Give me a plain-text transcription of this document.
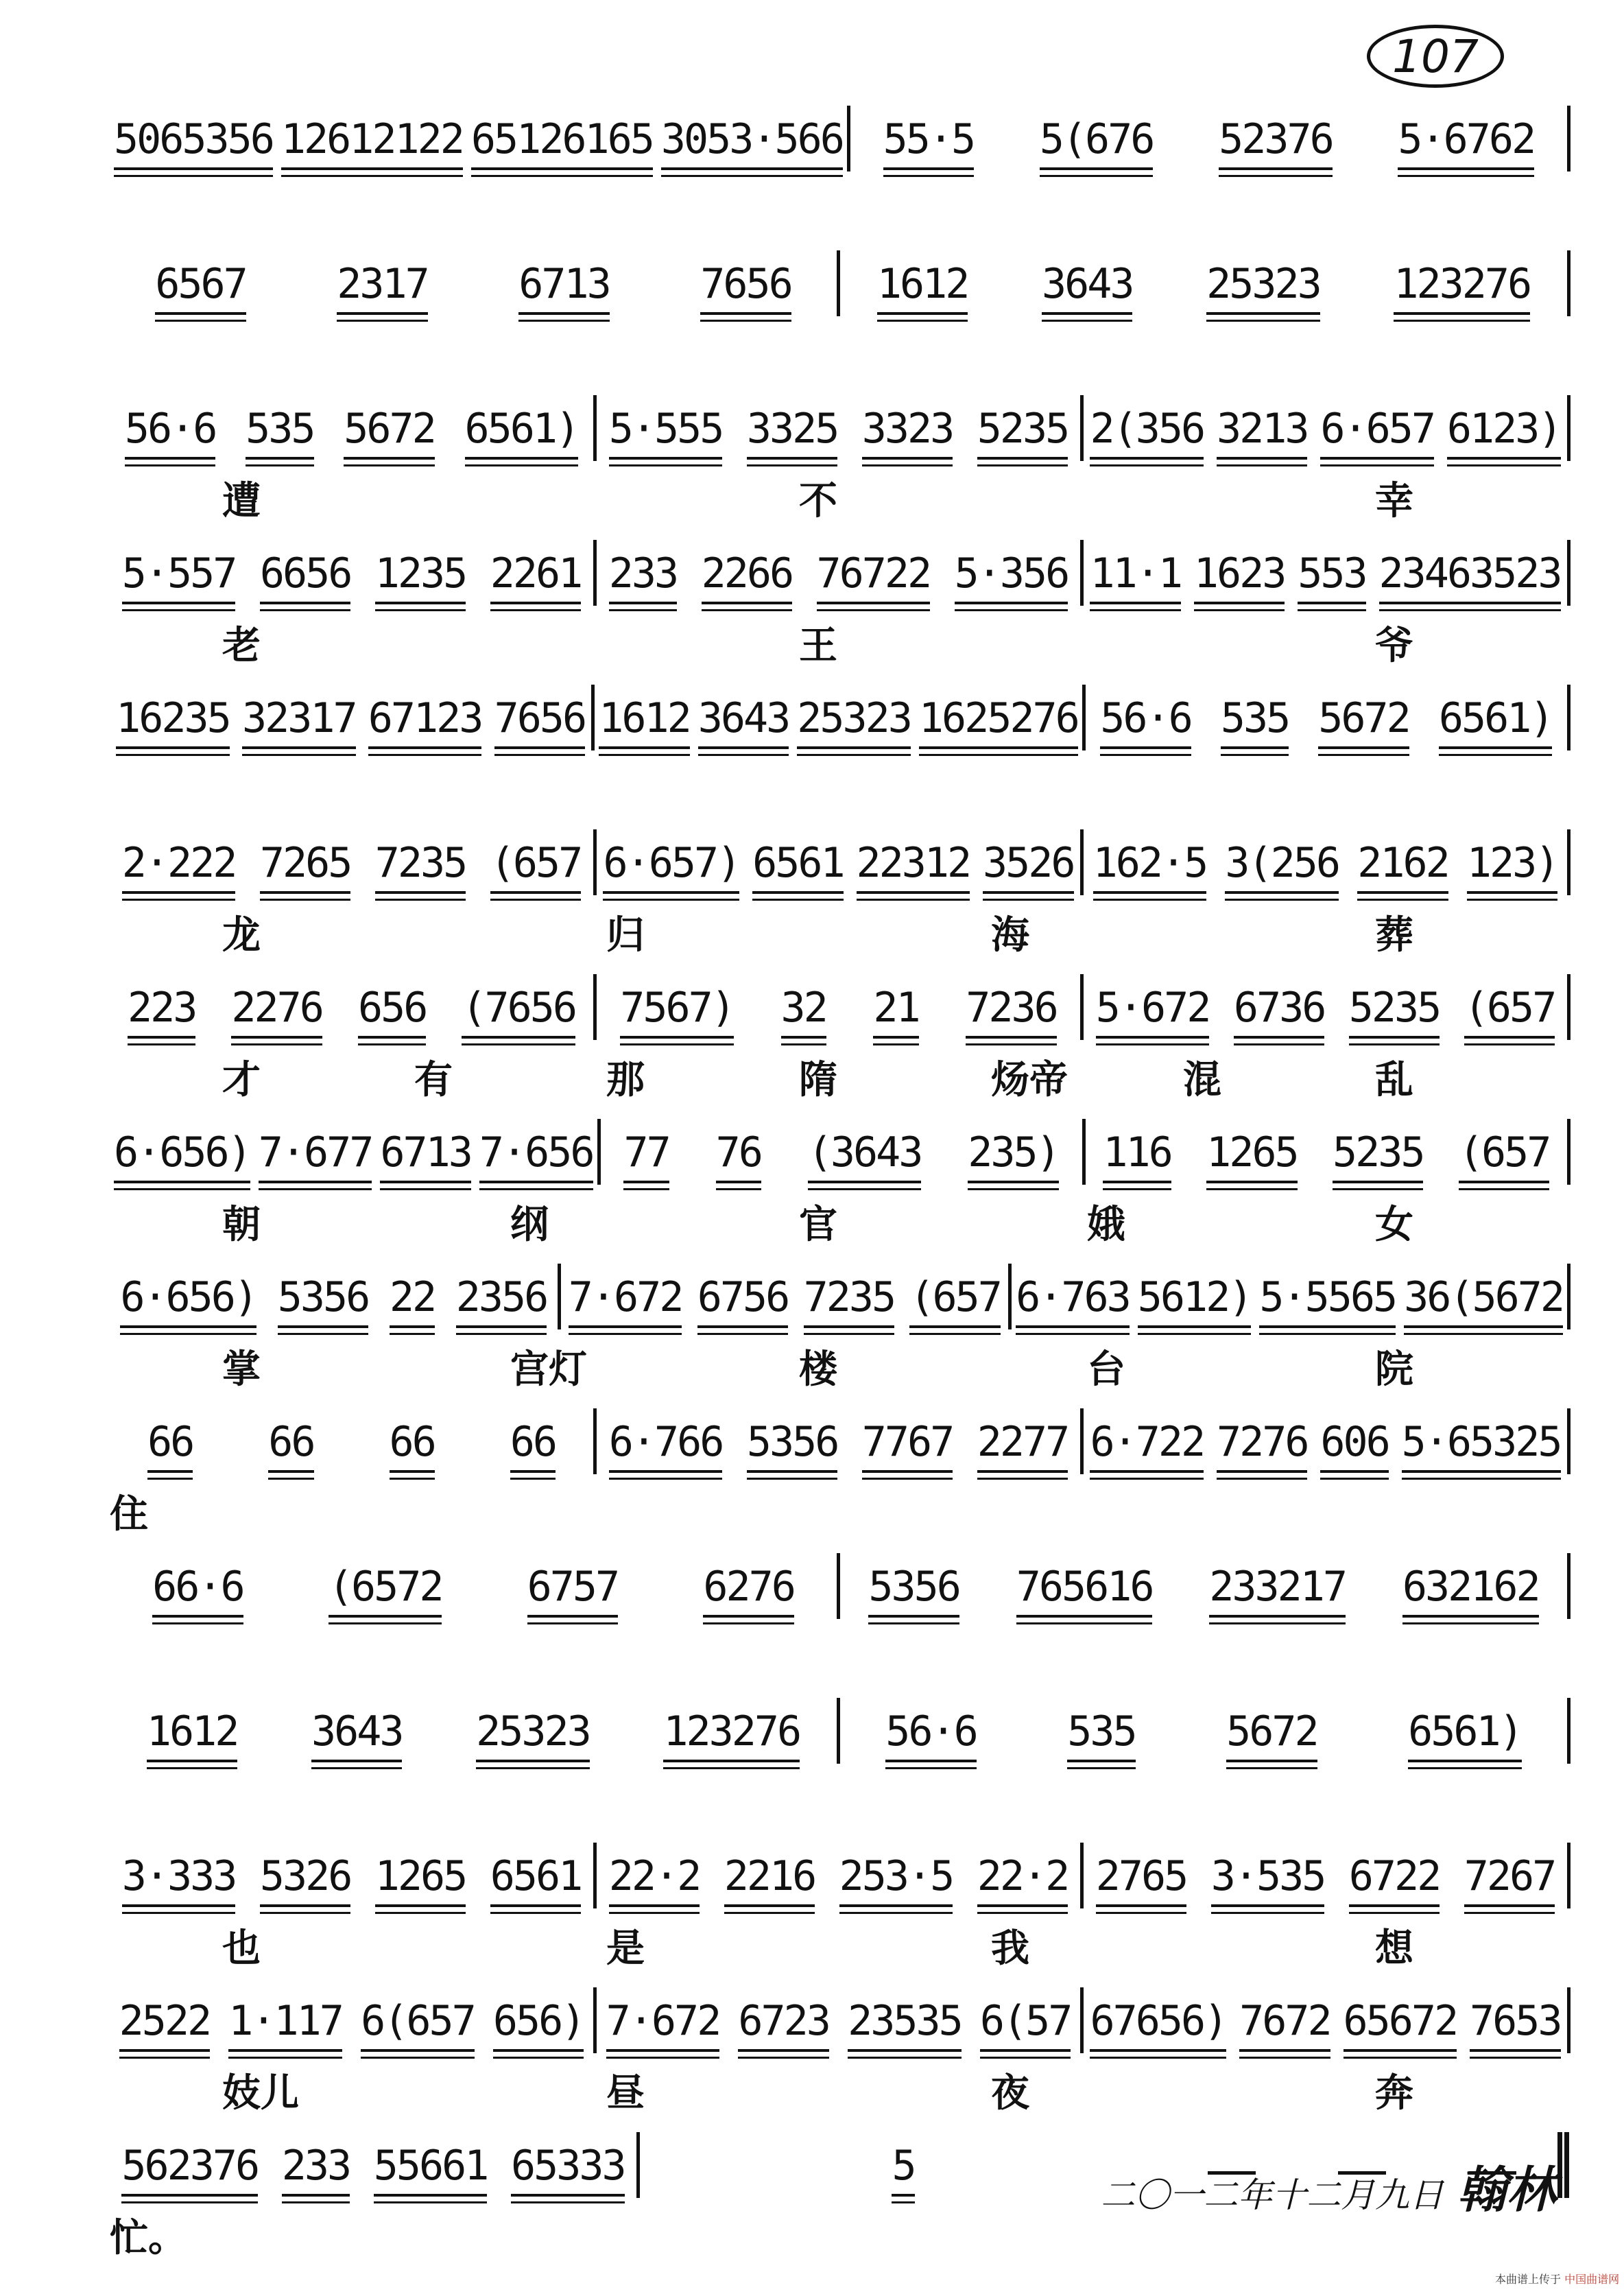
107
5065356 12612122 65126165 3053·566 55·5 5(676 52376 5·6762
6567 2317 6713 7656 1612 3643 25323 123276
56·6 535 5672 6561) 5·555 3325 3323 5235 2(356 3213 6·657 6123)
遭	不	幸
5·557 6656 1235 2261 233 2266 76722 5·356 11·1 1623 553 23463523
老	王	爷
16235 32317 67123 7656 1612 3643 25323 1625276 56·6 535 5672 6561)
2·222 7265 7235 (657 6·657) 6561 22312 3526 162·5 3(256 2162 123)
龙	归	海	葬
223 2276 656 (7656 7567) 32 21 7236 5·672 6736 5235 (657
才	有	那	隋	炀帝	混	乱
6·656) 7·677 6713 7·656 77 76 (3643 235) 116 1265 5235 (657
朝	纲	官	娥	女
6·656) 5356 22 2356 7·672 6756 7235 (657 6·763 5612) 5·5565 36(5672
掌	宫灯	楼	台	院
66 66 66 66 6·766 5356 7767 2277 6·722 7276 606 5·65325
住
66·6 (6572 6757 6276 5356 765616 233217 632162
1612 3643 25323 123276 56·6 535 5672 6561)
3·333 5326 1265 6561 22·2 2216 253·5 22·2 2765 3·535 6722 7267
也	是	我	想
2522 1·117 6(657 656) 7·672 6723 23535 6(57 67656) 7672 65672 7653
妓儿	昼	夜	奔
562376 233 55661 65333	5
忙。
二〇一二年十二月九日 翰林
本曲谱上传于 中国曲谱网
